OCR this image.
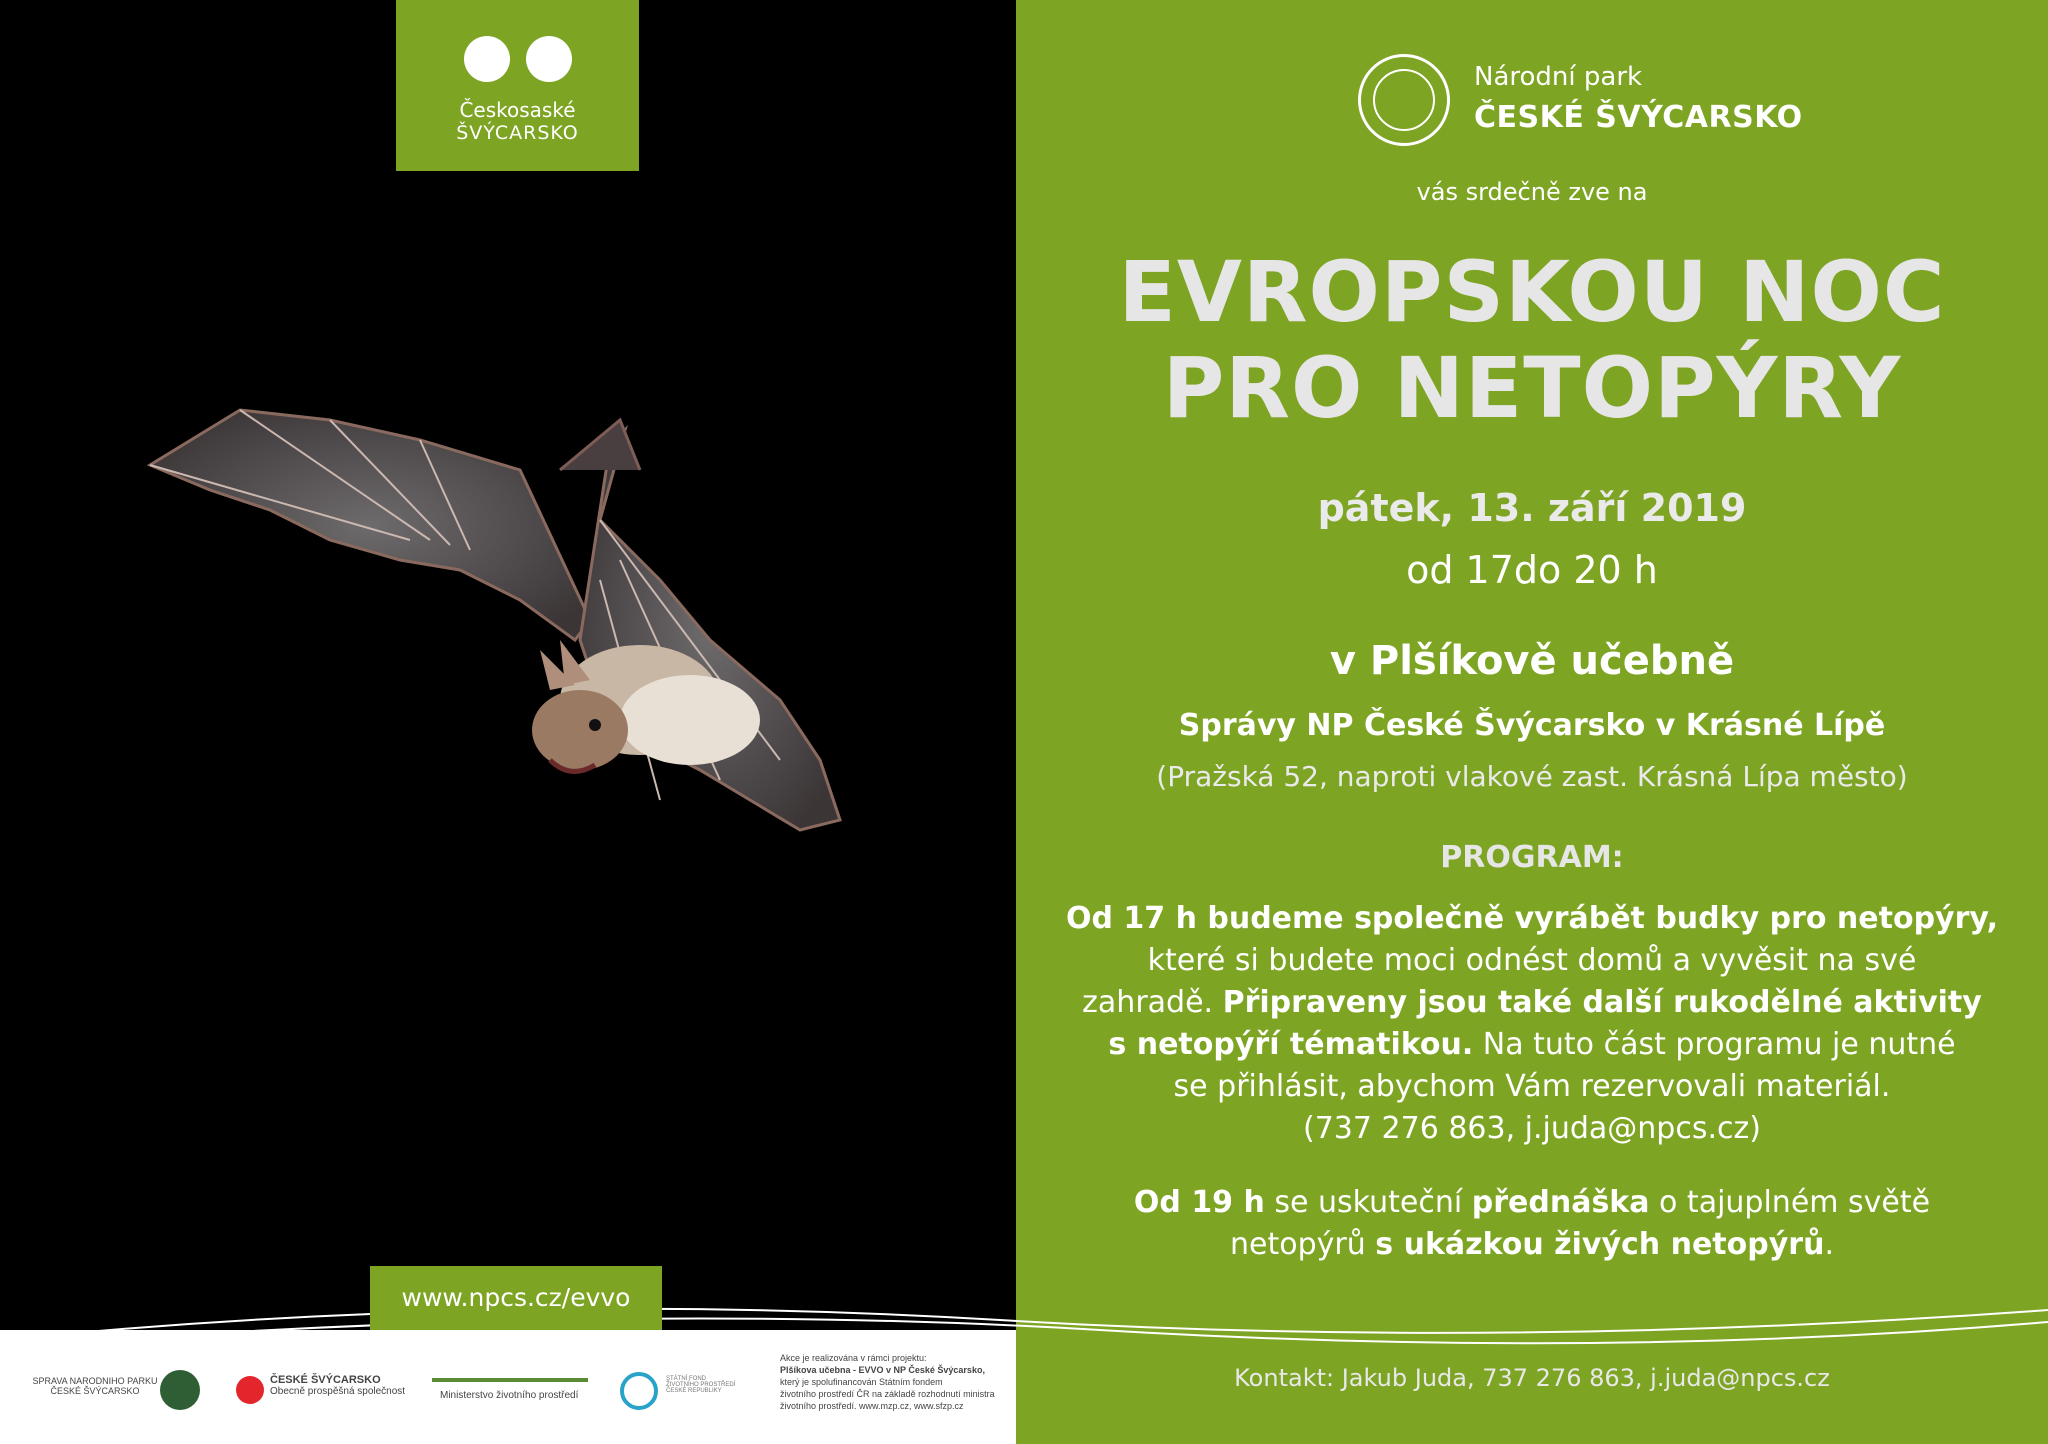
Českosaské
ŠVÝCARSKO
Národní park
ČESKÉ ŠVÝCARSKO
vás srdečně zve na
EVROPSKOU NOC
PRO NETOPÝRY
pátek, 13. září 2019
od 17do 20 h
v Plšíkově učebně
Správy NP České Švýcarsko v Krásné Lípě
(Pražská 52, naproti vlakové zast. Krásná Lípa město)
PROGRAM:
Od 17 h budeme společně vyrábět budky pro netopýry,
které si budete moci odnést domů a vyvěsit na své
zahradě. Připraveny jsou také další rukodělné aktivity
s netopýří tématikou. Na tuto část programu je nutné
se přihlásit, abychom Vám rezervovali materiál.
(737 276 863, j.juda@npcs.cz)
Od 19 h se uskuteční přednáška o tajuplném světě
netopýrů s ukázkou živých netopýrů.
www.npcs.cz/evvo
SPRAVA NARODNIHO PARKU
ČESKÉ ŠVÝCARSKO
ČESKÉ ŠVÝCARSKO
Obecně prospěšná společnost	Ministerstvo životního prostředí
STÁTNÍ FOND
ŽIVOTNÍHO PROSTŘEDÍ
ČESKÉ REPUBLIKY
Akce je realizována v rámci projektu:
Plšíkova učebna - EVVO v NP České Švýcarsko,
který je spolufinancován Státním fondem
životního prostředí ČR na základě rozhodnutí ministra
životního prostředí. www.mzp.cz, www.sfzp.cz
Kontakt: Jakub Juda, 737 276 863, j.juda@npcs.cz
